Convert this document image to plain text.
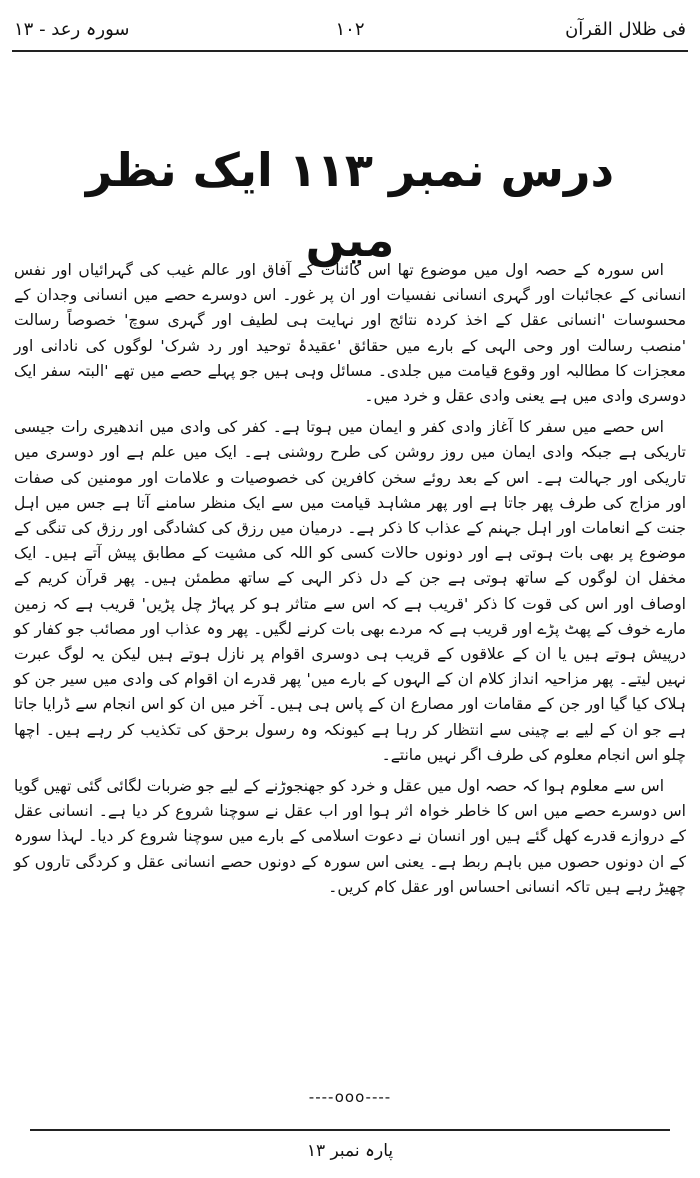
فی ظلال القرآن
۱۰۲
سورہ رعد - ۱۳
درس نمبر ۱۱۳ ایک نظر میں

اس سورہ کے حصہ اول میں موضوع تھا اس کائنات کے آفاق اور عالم غیب کی گہرائیاں اور نفس انسانی کے عجائبات اور گہری انسانی نفسیات اور ان پر غور۔ اس دوسرے حصے میں انسانی وجدان کے محسوسات 'انسانی عقل کے اخذ کردہ نتائج اور نہایت ہی لطیف اور گہری سوچ' خصوصاً رسالت 'منصب رسالت اور وحی الہی کے بارے میں حقائق 'عقیدۂ توحید اور رد شرک' لوگوں کی نادانی اور معجزات کا مطالبہ اور وقوع قیامت میں جلدی۔ مسائل وہی ہیں جو پہلے حصے میں تھے 'البتہ سفر ایک دوسری وادی میں ہے یعنی وادی عقل و خرد میں۔

اس حصے میں سفر کا آغاز وادی کفر و ایمان میں ہوتا ہے۔ کفر کی وادی میں اندھیری رات جیسی تاریکی ہے جبکہ وادی ایمان میں روز روشن کی طرح روشنی ہے۔ ایک میں علم ہے اور دوسری میں تاریکی اور جہالت ہے۔ اس کے بعد روئے سخن کافرین کی خصوصیات و علامات اور مومنین کی صفات اور مزاج کی طرف پھر جاتا ہے اور پھر مشاہد قیامت میں سے ایک منظر سامنے آتا ہے جس میں اہل جنت کے انعامات اور اہل جہنم کے عذاب کا ذکر ہے۔ درمیان میں رزق کی کشادگی اور رزق کی تنگی کے موضوع پر بھی بات ہوتی ہے اور دونوں حالات کسی کو اللہ کی مشیت کے مطابق پیش آتے ہیں۔ ایک مخفل ان لوگوں کے ساتھ ہوتی ہے جن کے دل ذکر الہی کے ساتھ مطمئن ہیں۔ پھر قرآن کریم کے اوصاف اور اس کی قوت کا ذکر 'قریب ہے کہ اس سے متاثر ہو کر پہاڑ چل پڑیں' قریب ہے کہ زمین مارے خوف کے پھٹ پڑے اور قریب ہے کہ مردے بھی بات کرنے لگیں۔ پھر وہ عذاب اور مصائب جو کفار کو درپیش ہوتے ہیں یا ان کے علاقوں کے قریب ہی دوسری اقوام پر نازل ہوتے ہیں لیکن یہ لوگ عبرت نہیں لیتے۔ پھر مزاحیہ انداز کلام ان کے الہوں کے بارے میں' پھر قدرے ان اقوام کی وادی میں سیر جن کو ہلاک کیا گیا اور جن کے مقامات اور مصارع ان کے پاس ہی ہیں۔ آخر میں ان کو اس انجام سے ڈرایا جاتا ہے جو ان کے لیے بے چینی سے انتظار کر رہا ہے کیونکہ وہ رسول برحق کی تکذیب کر رہے ہیں۔ اچھا چلو اس انجام معلوم کی طرف اگر نہیں مانتے۔

اس سے معلوم ہوا کہ حصہ اول میں عقل و خرد کو جھنجوڑنے کے لیے جو ضربات لگائی گئی تھیں گویا اس دوسرے حصے میں اس کا خاطر خواہ اثر ہوا اور اب عقل نے سوچنا شروع کر دیا ہے۔ انسانی عقل کے دروازے قدرے کھل گئے ہیں اور انسان نے دعوت اسلامی کے بارے میں سوچنا شروع کر دیا۔ لہذا سورہ کے ان دونوں حصوں میں باہم ربط ہے۔ یعنی اس سورہ کے دونوں حصے انسانی عقل و کردگی تاروں کو چھیڑ رہے ہیں تاکہ انسانی احساس اور عقل کام کریں۔

----ooo----
پارہ نمبر ۱۳
